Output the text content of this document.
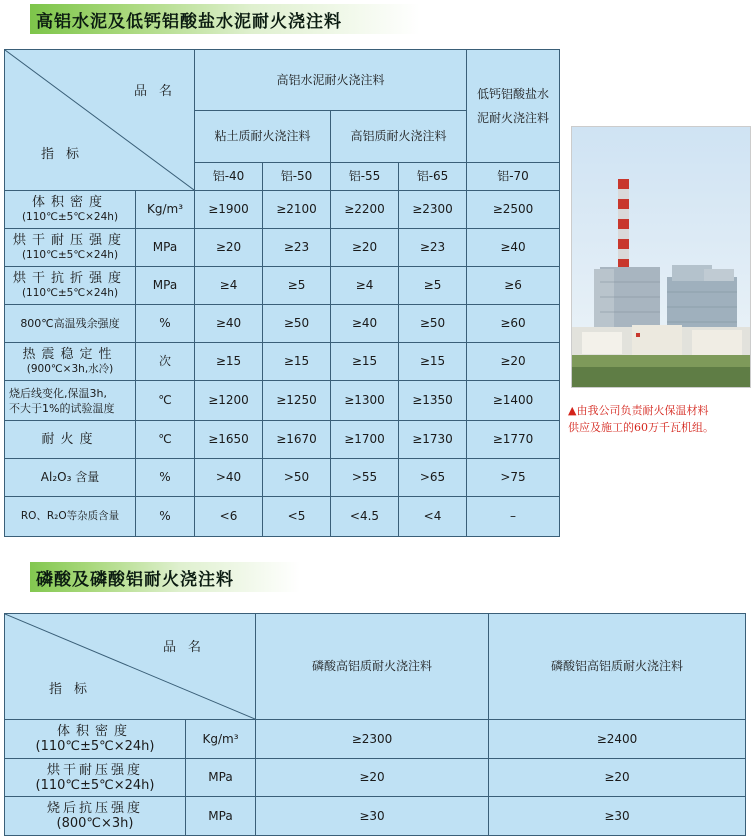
高铝水泥及低钙铝酸盐水泥耐火浇注料
品名
指标		高铝水泥耐火浇注料				低钙铝酸盐水泥耐火浇注料
		粘土质耐火浇注料		高铝质耐火浇注料		
		铝-40	铝-50	铝-55	铝-65	铝-70

体积密度
(110℃±5℃×24h)	Kg/m³	≥1900	≥2100	≥2200	≥2300	≥2500

烘干耐压强度
(110℃±5℃×24h)	MPa	≥20	≥23	≥20	≥23	≥40

烘干抗折强度
(110℃±5℃×24h)	MPa	≥4	≥5	≥4	≥5	≥6
800℃高温残余强度	%	≥40	≥50	≥40	≥50	≥60

热震稳定性
(900℃×3h,水冷)	次	≥15	≥15	≥15	≥15	≥20

烧后线变化,保温3h,
不大于1%的试验温度	℃	≥1200	≥1250	≥1300	≥1350	≥1400

耐火度	℃	≥1650	≥1670	≥1700	≥1730	≥1770

Al₂O₃ 含量	%	>40	>50	>55	>65	>75

RO、R₂O等杂质含量	%	<6	<5	<4.5	<4	–
▲由我公司负责耐火保温材料
供应及施工的60万千瓦机组。
磷酸及磷酸铝耐火浇注料
品名
指标		磷酸高铝质耐火浇注料	磷酸铝高铝质耐火浇注料

体积密度
(110℃±5℃×24h)	Kg/m³	≥2300	≥2400

烘干耐压强度
(110℃±5℃×24h)	MPa	≥20	≥20

烧后抗压强度
(800℃×3h)	MPa	≥30	≥30
